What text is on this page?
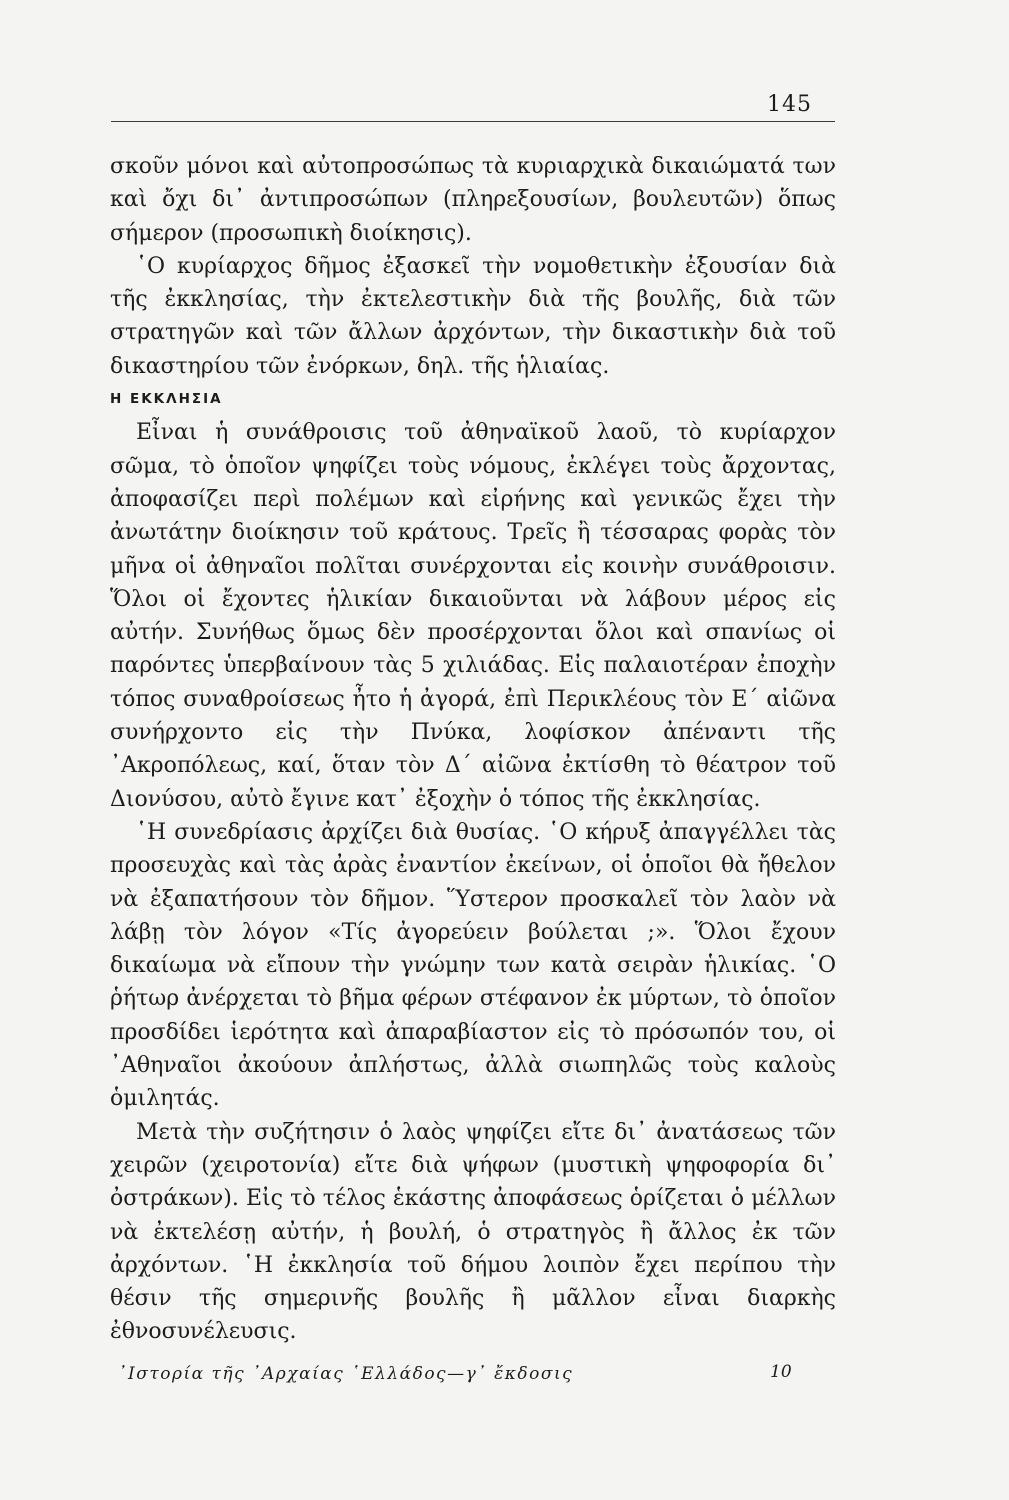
145

σκοῦν μόνοι καὶ αὐτοπροσώπως τὰ κυριαρχικὰ δικαιώματά των καὶ ὄχι δι᾿ ἀντιπροσώπων (πληρεξουσίων, βουλευτῶν) ὅπως σήμερον (προσωπικὴ διοίκησις).

῾Ο κυρίαρχος δῆμος ἐξασκεῖ τὴν νομοθετικὴν ἐξουσίαν διὰ τῆς ἐκκλησίας, τὴν ἐκτελεστικὴν διὰ τῆς βουλῆς, διὰ τῶν στρατηγῶν καὶ τῶν ἄλλων ἀρχόντων, τὴν δικαστικὴν διὰ τοῦ δικαστηρίου τῶν ἐνόρκων, δηλ. τῆς ἡλιαίας.

Η ΕΚΚΛΗΣΙΑ

Εἶναι ἡ συνάθροισις τοῦ ἀθηναϊκοῦ λαοῦ, τὸ κυρίαρχον σῶμα, τὸ ὁποῖον ψηφίζει τοὺς νόμους, ἐκλέγει τοὺς ἄρχοντας, ἀποφασίζει περὶ πολέμων καὶ εἰρήνης καὶ γενικῶς ἔχει τὴν ἀνωτάτην διοίκησιν τοῦ κράτους. Τρεῖς ἢ τέσσαρας φορὰς τὸν μῆνα οἱ ἀθηναῖοι πολῖται συνέρχονται εἰς κοινὴν συνάθροισιν. Ὅλοι οἱ ἔχοντες ἡλικίαν δικαιοῦνται νὰ λάβουν μέρος εἰς αὐτήν. Συνήθως ὅμως δὲν προσέρχονται ὅλοι καὶ σπανίως οἱ παρόντες ὑπερβαίνουν τὰς 5 χιλιάδας. Εἰς παλαιοτέραν ἐποχὴν τόπος συναθροίσεως ἦτο ἡ ἀγορά, ἐπὶ Περικλέους τὸν Ε΄ αἰῶνα συνήρχοντο εἰς τὴν Πνύκα, λοφίσκον ἀπέναντι τῆς ᾿Ακροπόλεως, καί, ὅταν τὸν Δ΄ αἰῶνα ἐκτίσθη τὸ θέατρον τοῦ Διονύσου, αὐτὸ ἔγινε κατ᾿ ἐξοχὴν ὁ τόπος τῆς ἐκκλησίας.

῾Η συνεδρίασις ἀρχίζει διὰ θυσίας. ῾Ο κήρυξ ἀπαγγέλλει τὰς προσευχὰς καὶ τὰς ἀρὰς ἐναντίον ἐκείνων, οἱ ὁποῖοι θὰ ἤθελον νὰ ἐξαπατήσουν τὸν δῆμον. Ὕστερον προσκαλεῖ τὸν λαὸν νὰ λάβῃ τὸν λόγον «Τίς ἀγορεύειν βούλεται ;». Ὅλοι ἔχουν δικαίωμα νὰ εἴπουν τὴν γνώμην των κατὰ σειρὰν ἡλικίας. ῾Ο ῥήτωρ ἀνέρχεται τὸ βῆμα φέρων στέφανον ἐκ μύρτων, τὸ ὁποῖον προσδίδει ἱερότητα καὶ ἀπαραβίαστον εἰς τὸ πρόσωπόν του, οἱ ᾿Αθηναῖοι ἀκούουν ἀπλήστως, ἀλλὰ σιωπηλῶς τοὺς καλοὺς ὁμιλητάς.

Μετὰ τὴν συζήτησιν ὁ λαὸς ψηφίζει εἴτε δι᾿ ἀνατάσεως τῶν χειρῶν (χειροτονία) εἴτε διὰ ψήφων (μυστικὴ ψηφοφορία δι᾿ ὀστράκων). Εἰς τὸ τέλος ἑκάστης ἀποφάσεως ὁρίζεται ὁ μέλλων νὰ ἐκτελέσῃ αὐτήν, ἡ βουλή, ὁ στρατηγὸς ἢ ἄλλος ἐκ τῶν ἀρχόντων. ῾Η ἐκκλησία τοῦ δήμου λοιπὸν ἔχει περίπου τὴν θέσιν τῆς σημερινῆς βουλῆς ἢ μᾶλλον εἶναι διαρκὴς ἐθνοσυνέλευσις.

᾿Ιστορία τῆς ᾿Αρχαίας ῾Ελλάδος—γ᾿ ἔκδοσις	10
